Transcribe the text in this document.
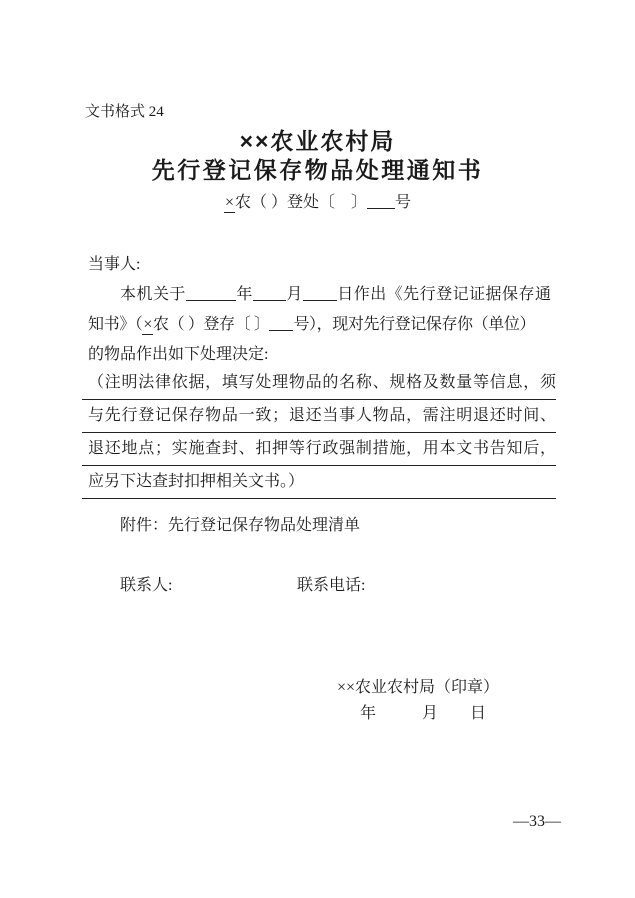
文书格式 24
××农业农村局
先行登记保存物品处理通知书
×农（ ）登处〔　〕 号
当事人:
本机关于	年 月 日作出《先行登记证据保存通
知书》（×农（ ）登存〔 〕 号），现对先行登记保存你（单位）
的物品作出如下处理决定:
（注明法律依据，填写处理物品的名称、规格及数量等信息，须
与先行登记保存物品一致；退还当事人物品，需注明退还时间、
退还地点；实施查封、扣押等行政强制措施，用本文书告知后，
应另下达查封扣押相关文书。）
附件：先行登记保存物品处理清单
联系人:	联系电话:
××农业农村局（印章）
年	月 日
—33—
